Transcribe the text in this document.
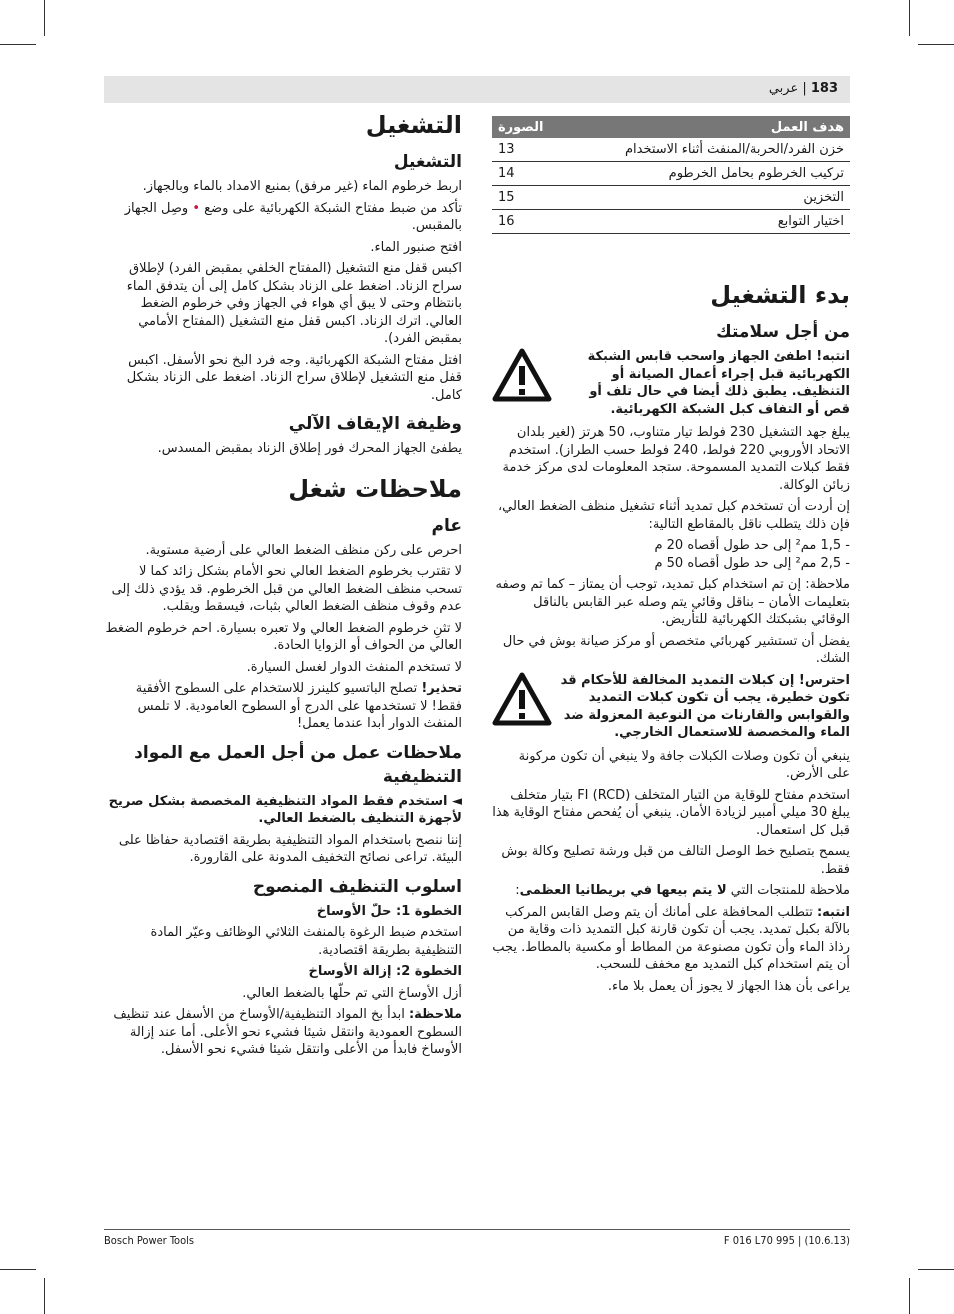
183 | عربي
هدف العمل	الصورة
خزن الفرد/الحربة/المنفث أثناء الاستخدام	13
تركيب الخرطوم بحامل الخرطوم	14
التخزين	15
اختيار التوابع	16
بدء التشغيل
من أجل سلامتك

انتبه! اطفئ الجهاز واسحب قابس الشبكة الكهربائية قبل إجراء أعمال الصيانة أو التنظيف. يطبق ذلك أيضا في حال تلف أو قص أو التفاف كبل الشبكة الكهربائية.

يبلغ جهد التشغيل 230 فولط تيار متناوب، 50 هرتز (لغير بلدان الاتحاد الأوروبي 220 فولط، 240 فولط حسب الطراز). استخدم فقط كبلات التمديد المسموحة. ستجد المعلومات لدى مركز خدمة زبائن الوكالة.

إن أردت أن تستخدم كبل تمديد أثناء تشغيل منظف الضغط العالي، فإن ذلك يتطلب ناقل بالمقاطع التالية:

- 1,5 مم² إلى حد طول أقصاه 20 م

- 2,5 مم² إلى حد طول أقصاه 50 م

ملاحظة: إن تم استخدام كبل تمديد، توجب أن يمتاز – كما تم وصفه بتعليمات الأمان – بناقل وقائي يتم وصله عبر القابس بالناقل الوقائي بشبكتك الكهربائية للتأريض.

يفضل أن تستشير كهربائي متخصص أو مركز صيانة بوش في حال الشك.

احترس! إن كبلات التمديد المخالفة للأحكام قد تكون خطيرة. يجب أن تكون كبلات التمديد والقوابس والقارنات من النوعية المعزولة ضد الماء والمخصصة للاستعمال الخارجي.

ينبغي أن تكون وصلات الكبلات جافة ولا ينبغي أن تكون مركونة على الأرض.

استخدم مفتاح للوقاية من التيار المتخلف FI (RCD) بتيار متخلف يبلغ 30 ميلي أمبير لزيادة الأمان. ينبغي أن يُفحص مفتاح الوقاية هذا قبل كل استعمال.

يسمح بتصليح خط الوصل التالف من قبل ورشة تصليح وكالة بوش فقط.

ملاحظة للمنتجات التي لا يتم بيعها في بريطانيا العظمى:

انتبه: تتطلب المحافظة على أمانك أن يتم وصل القابس المركب بالآلة بكبل تمديد. يجب أن تكون قارنة كبل التمديد ذات وقاية من رذاذ الماء وأن تكون مصنوعة من المطاط أو مكسية بالمطاط. يجب أن يتم استخدام كبل التمديد مع مخفف للسحب.

يراعى بأن هذا الجهاز لا يجوز أن يعمل بلا ماء.

التشغيل
التشغيل

اربط خرطوم الماء (غير مرفق) بمنبع الامداد بالماء وبالجهاز.

تأكد من ضبط مفتاح الشبكة الكهربائية على وضع • وصِل الجهاز بالمقبس.

افتح صنبور الماء.

اكبس قفل منع التشغيل (المفتاح الخلفي بمقبض الفرد) لإطلاق سراح الزناد. اضغط على الزناد بشكل كامل إلى أن يتدفق الماء بانتظام وحتى لا يبق أي هواء في الجهاز وفي خرطوم الضغط العالي. اترك الزناد. اكبس قفل منع التشغيل (المفتاح الأمامي بمقبض الفرد).

افتل مفتاح الشبكة الكهربائية. وجه فرد البخ نحو الأسفل. اكبس قفل منع التشغيل لإطلاق سراح الزناد. اضغط على الزناد بشكل كامل.

وظيفة الإيقاف الآلي

يطفئ الجهاز المحرك فور إطلاق الزناد بمقبض المسدس.

ملاحظات شغل
عام

احرص على ركن منظف الضغط العالي على أرضية مستوية.

لا تقترب بخرطوم الضغط العالي نحو الأمام بشكل زائد كما لا تسحب منظف الضغط العالي من قبل الخرطوم. قد يؤدي ذلك إلى عدم وقوف منظف الضغط العالي بثبات، فيسقط ويقلب.

لا تثنِ خرطوم الضغط العالي ولا تعبره بسيارة. احم خرطوم الضغط العالي من الحواف أو الزوايا الحادة.

لا تستخدم المنفث الدوار لغسل السيارة.

تحذير! تصلح الباتسيو كلينرز للاستخدام على السطوح الأفقية فقط! لا تستخدمها على الدرج أو السطوح العامودية. لا تلمس المنفث الدوار أبدا عندما يعمل!

ملاحظات عمل من أجل العمل مع المواد التنظيفية

◄ استخدم فقط المواد التنظيفية المخصصة بشكل صريح لأجهزة التنظيف بالضغط العالي.

إننا ننصح باستخدام المواد التنظيفية بطريقة اقتصادية حفاظا على البيئة. تراعى نصائح التخفيف المدونة على القارورة.

اسلوب التنظيف المنصوح

الخطوة 1: حلّ الأوساخ

استخدم ضبط الرغوة بالمنفث الثلاثي الوظائف وعيّر المادة التنظيفية بطريقة اقتصادية.

الخطوة 2: إزالة الأوساخ

أزل الأوساخ التي تم حلّها بالضغط العالي.

ملاحظة: ابدأ بخ المواد التنظيفية/الأوساخ من الأسفل عند تنظيف السطوح العمودية وانتقل شيئا فشيء نحو الأعلى. أما عند إزالة الأوساخ فابدأ من الأعلى وانتقل شيئا فشيء نحو الأسفل.

Bosch Power Tools	F 016 L70 995 | (10.6.13)
